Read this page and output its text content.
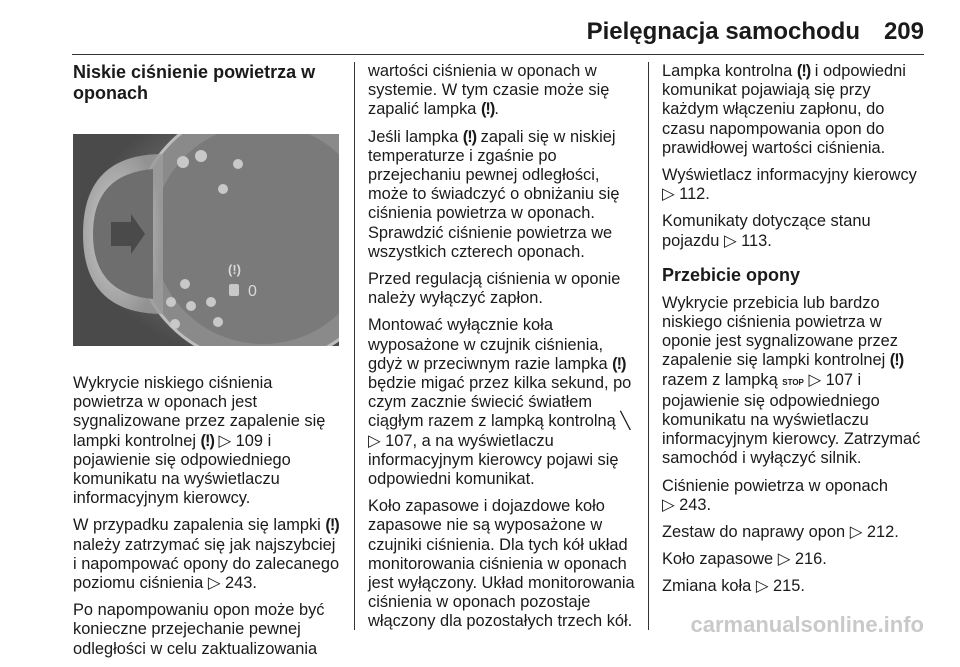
Pielęgnacja samochodu 209
Niskie ciśnienie powietrza w oponach
(!)
0

Wykrycie niskiego ciśnienia powietrza w oponach jest sygnalizowane przez zapalenie się lampki kontrolnej (!) ▷ 109 i pojawienie się odpowiedniego komunikatu na wyświetlaczu informacyjnym kierowcy.

W przypadku zapalenia się lampki (!) należy zatrzymać się jak najszybciej i napompować opony do zalecanego poziomu ciśnienia ▷ 243.

Po napompowaniu opon może być konieczne przejechanie pewnej odległości w celu zaktualizowania

wartości ciśnienia w oponach w systemie. W tym czasie może się zapalić lampka (!).

Jeśli lampka (!) zapali się w niskiej temperaturze i zgaśnie po przejechaniu pewnej odległości, może to świadczyć o obniżaniu się ciśnienia powietrza w oponach. Sprawdzić ciśnienie powietrza we wszystkich czterech oponach.

Przed regulacją ciśnienia w oponie należy wyłączyć zapłon.

Montować wyłącznie koła wyposażone w czujnik ciśnienia, gdyż w przeciwnym razie lampka (!) będzie migać przez kilka sekund, po czym zacznie świecić światłem ciągłym razem z lampką kontrolną ╲ ▷ 107, a na wyświetlaczu informacyjnym kierowcy pojawi się odpowiedni komunikat.

Koło zapasowe i dojazdowe koło zapasowe nie są wyposażone w czujniki ciśnienia. Dla tych kół układ monitorowania ciśnienia w oponach jest wyłączony. Układ monitorowania ciśnienia w oponach pozostaje włączony dla pozostałych trzech kół.

Lampka kontrolna (!) i odpowiedni komunikat pojawiają się przy każdym włączeniu zapłonu, do czasu napompowania opon do prawidłowej wartości ciśnienia.

Wyświetlacz informacyjny kierowcy ▷ 112.

Komunikaty dotyczące stanu pojazdu ▷ 113.

Przebicie opony

Wykrycie przebicia lub bardzo niskiego ciśnienia powietrza w oponie jest sygnalizowane przez zapalenie się lampki kontrolnej (!) razem z lampką STOP ▷ 107 i pojawienie się odpowiedniego komunikatu na wyświetlaczu informacyjnym kierowcy. Zatrzymać samochód i wyłączyć silnik.

Ciśnienie powietrza w oponach
▷ 243.

Zestaw do naprawy opon ▷ 212.

Koło zapasowe ▷ 216.

Zmiana koła ▷ 215.

carmanualsonline.info
